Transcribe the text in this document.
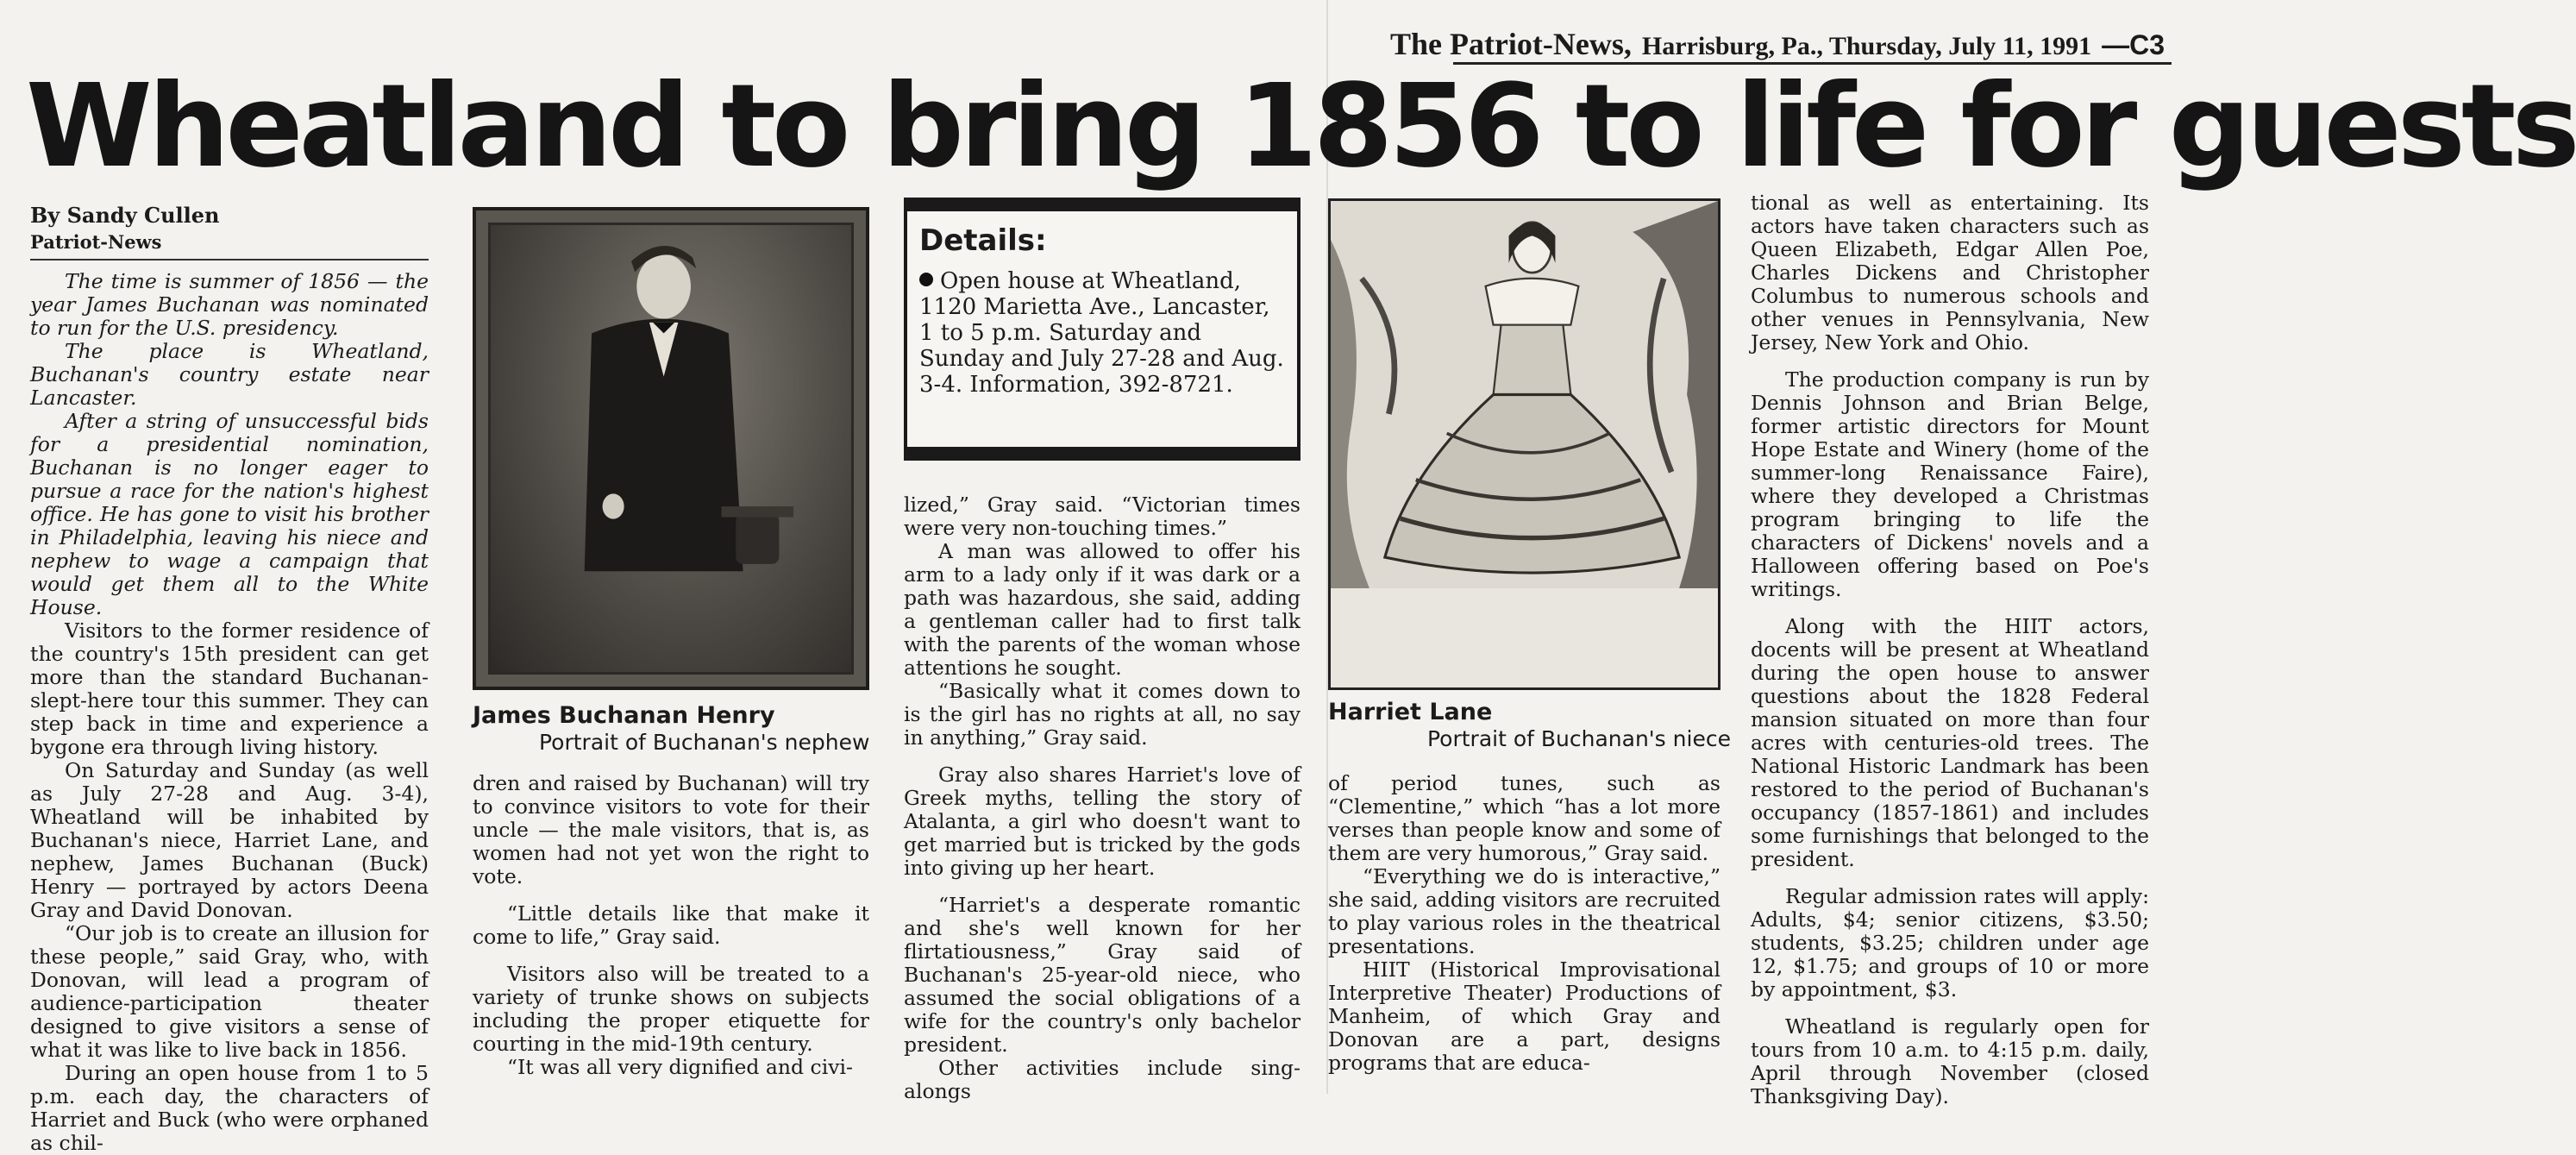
The Patriot-News, Harrisburg, Pa., Thursday, July 11, 1991 —C3
Wheatland to bring 1856 to life for guests
By Sandy Cullen
Patriot-News

The time is summer of 1856 — the year James Buchanan was nominated to run for the U.S. presidency.

The place is Wheatland, Buchanan's country estate near Lancaster.

After a string of unsuccessful bids for a presidential nomination, Buchanan is no longer eager to pursue a race for the nation's highest office. He has gone to visit his brother in Philadelphia, leaving his niece and nephew to wage a campaign that would get them all to the White House.

Visitors to the former residence of the country's 15th president can get more than the standard Buchanan-slept-here tour this summer. They can step back in time and experience a bygone era through living history.

On Saturday and Sunday (as well as July 27-28 and Aug. 3-4), Wheatland will be inhabited by Buchanan's niece, Harriet Lane, and nephew, James Buchanan (Buck) Henry — portrayed by actors Deena Gray and David Donovan.

“Our job is to create an illusion for these people,” said Gray, who, with Donovan, will lead a program of audience-participation theater designed to give visitors a sense of what it was like to live back in 1856.

During an open house from 1 to 5 p.m. each day, the characters of Harriet and Buck (who were orphaned as chil-

James Buchanan Henry
Portrait of Buchanan's nephew

dren and raised by Buchanan) will try to convince visitors to vote for their uncle — the male visitors, that is, as women had not yet won the right to vote.

“Little details like that make it come to life,” Gray said.

Visitors also will be treated to a variety of trunke shows on subjects including the proper etiquette for courting in the mid-19th century.

“It was all very dignified and civi-

Details:
Open house at Wheatland, 1120 Marietta Ave., Lancaster, 1 to 5 p.m. Saturday and Sunday and July 27-28 and Aug. 3-4. Information, 392-8721.

lized,” Gray said. “Victorian times were very non-touching times.”

A man was allowed to offer his arm to a lady only if it was dark or a path was hazardous, she said, adding a gentleman caller had to first talk with the parents of the woman whose attentions he sought.

“Basically what it comes down to is the girl has no rights at all, no say in anything,” Gray said.

Gray also shares Harriet's love of Greek myths, telling the story of Atalanta, a girl who doesn't want to get married but is tricked by the gods into giving up her heart.

“Harriet's a desperate romantic and she's well known for her flirtatiousness,” Gray said of Buchanan's 25-year-old niece, who assumed the social obligations of a wife for the country's only bachelor president.

Other activities include sing-alongs

Harriet Lane
Portrait of Buchanan's niece

of period tunes, such as “Clementine,” which “has a lot more verses than people know and some of them are very humorous,” Gray said.

“Everything we do is interactive,” she said, adding visitors are recruited to play various roles in the theatrical presentations.

HIIT (Historical Improvisational Interpretive Theater) Productions of Manheim, of which Gray and Donovan are a part, designs programs that are educa-

tional as well as entertaining. Its actors have taken characters such as Queen Elizabeth, Edgar Allen Poe, Charles Dickens and Christopher Columbus to numerous schools and other venues in Pennsylvania, New Jersey, New York and Ohio.

The production company is run by Dennis Johnson and Brian Belge, former artistic directors for Mount Hope Estate and Winery (home of the summer-long Renaissance Faire), where they developed a Christmas program bringing to life the characters of Dickens' novels and a Halloween offering based on Poe's writings.

Along with the HIIT actors, docents will be present at Wheatland during the open house to answer questions about the 1828 Federal mansion situated on more than four acres with centuries-old trees. The National Historic Landmark has been restored to the period of Buchanan's occupancy (1857-1861) and includes some furnishings that belonged to the president.

Regular admission rates will apply: Adults, $4; senior citizens, $3.50; students, $3.25; children under age 12, $1.75; and groups of 10 or more by appointment, $3.

Wheatland is regularly open for tours from 10 a.m. to 4:15 p.m. daily, April through November (closed Thanksgiving Day).
